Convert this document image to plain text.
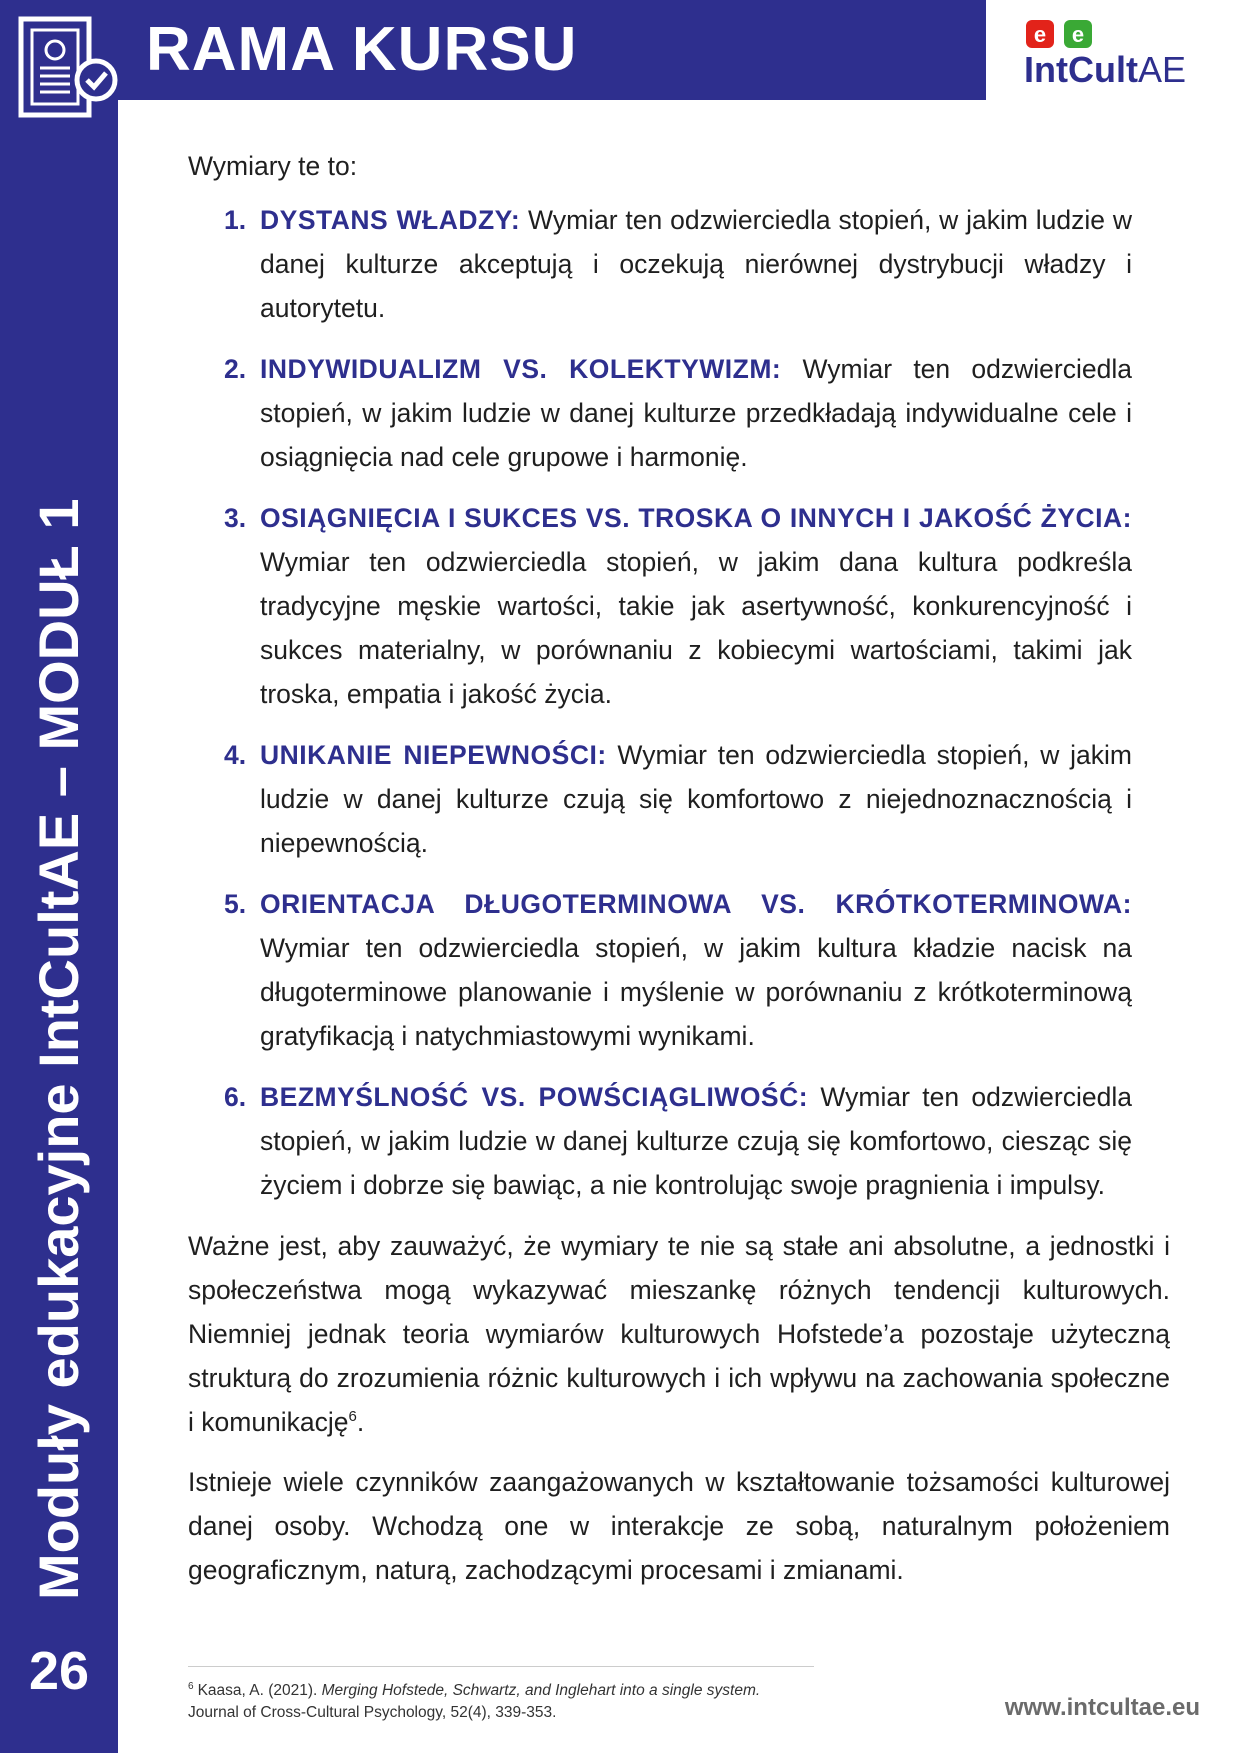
RAMA KURSU
Moduły edukacyjne IntCultAE – MODUŁ 1
26
e e
IntCultAE

Wymiary te to:

1. DYSTANS WŁADZY: Wymiar ten odzwierciedla stopień, w jakim ludzie w danej kulturze akceptują i oczekują nierównej dystrybucji władzy i autorytetu.
2. INDYWIDUALIZM VS. KOLEKTYWIZM: Wymiar ten odzwierciedla stopień, w jakim ludzie w danej kulturze przedkładają indywidualne cele i osiągnięcia nad cele grupowe i harmonię.
3. OSIĄGNIĘCIA I SUKCES VS. TROSKA O INNYCH I JAKOŚĆ ŻYCIA: Wymiar ten odzwierciedla stopień, w jakim dana kultura podkreśla tradycyjne męskie wartości, takie jak asertywność, konkurencyjność i sukces materialny, w porównaniu z kobiecymi wartościami, takimi jak troska, empatia i jakość życia.
4. UNIKANIE NIEPEWNOŚCI: Wymiar ten odzwierciedla stopień, w jakim ludzie w danej kulturze czują się komfortowo z niejednoznacznością i niepewnością.
5. ORIENTACJA DŁUGOTERMINOWA VS. KRÓTKOTERMINOWA: Wymiar ten odzwierciedla stopień, w jakim kultura kładzie nacisk na długoterminowe planowanie i myślenie w porównaniu z krótkoterminową gratyfikacją i natychmiastowymi wynikami.
6. BEZMYŚLNOŚĆ VS. POWŚCIĄGLIWOŚĆ: Wymiar ten odzwierciedla stopień, w jakim ludzie w danej kulturze czują się komfortowo, ciesząc się życiem i dobrze się bawiąc, a nie kontrolując swoje pragnienia i impulsy.

Ważne jest, aby zauważyć, że wymiary te nie są stałe ani absolutne, a jednostki i społeczeństwa mogą wykazywać mieszankę różnych tendencji kulturowych. Niemniej jednak teoria wymiarów kulturowych Hofstede’a pozostaje użyteczną strukturą do zrozumienia różnic kulturowych i ich wpływu na zachowania społeczne i komunikację$^6$.

Istnieje wiele czynników zaangażowanych w kształtowanie tożsamości kulturowej danej osoby. Wchodzą one w interakcje ze sobą, naturalnym położeniem geograficznym, naturą, zachodzącymi procesami i zmianami.

$^6$ Kaasa, A. (2021). Merging Hofstede, Schwartz, and Inglehart into a single system.
Journal of Cross-Cultural Psychology, 52(4), 339-353.	www.intcultae.eu
